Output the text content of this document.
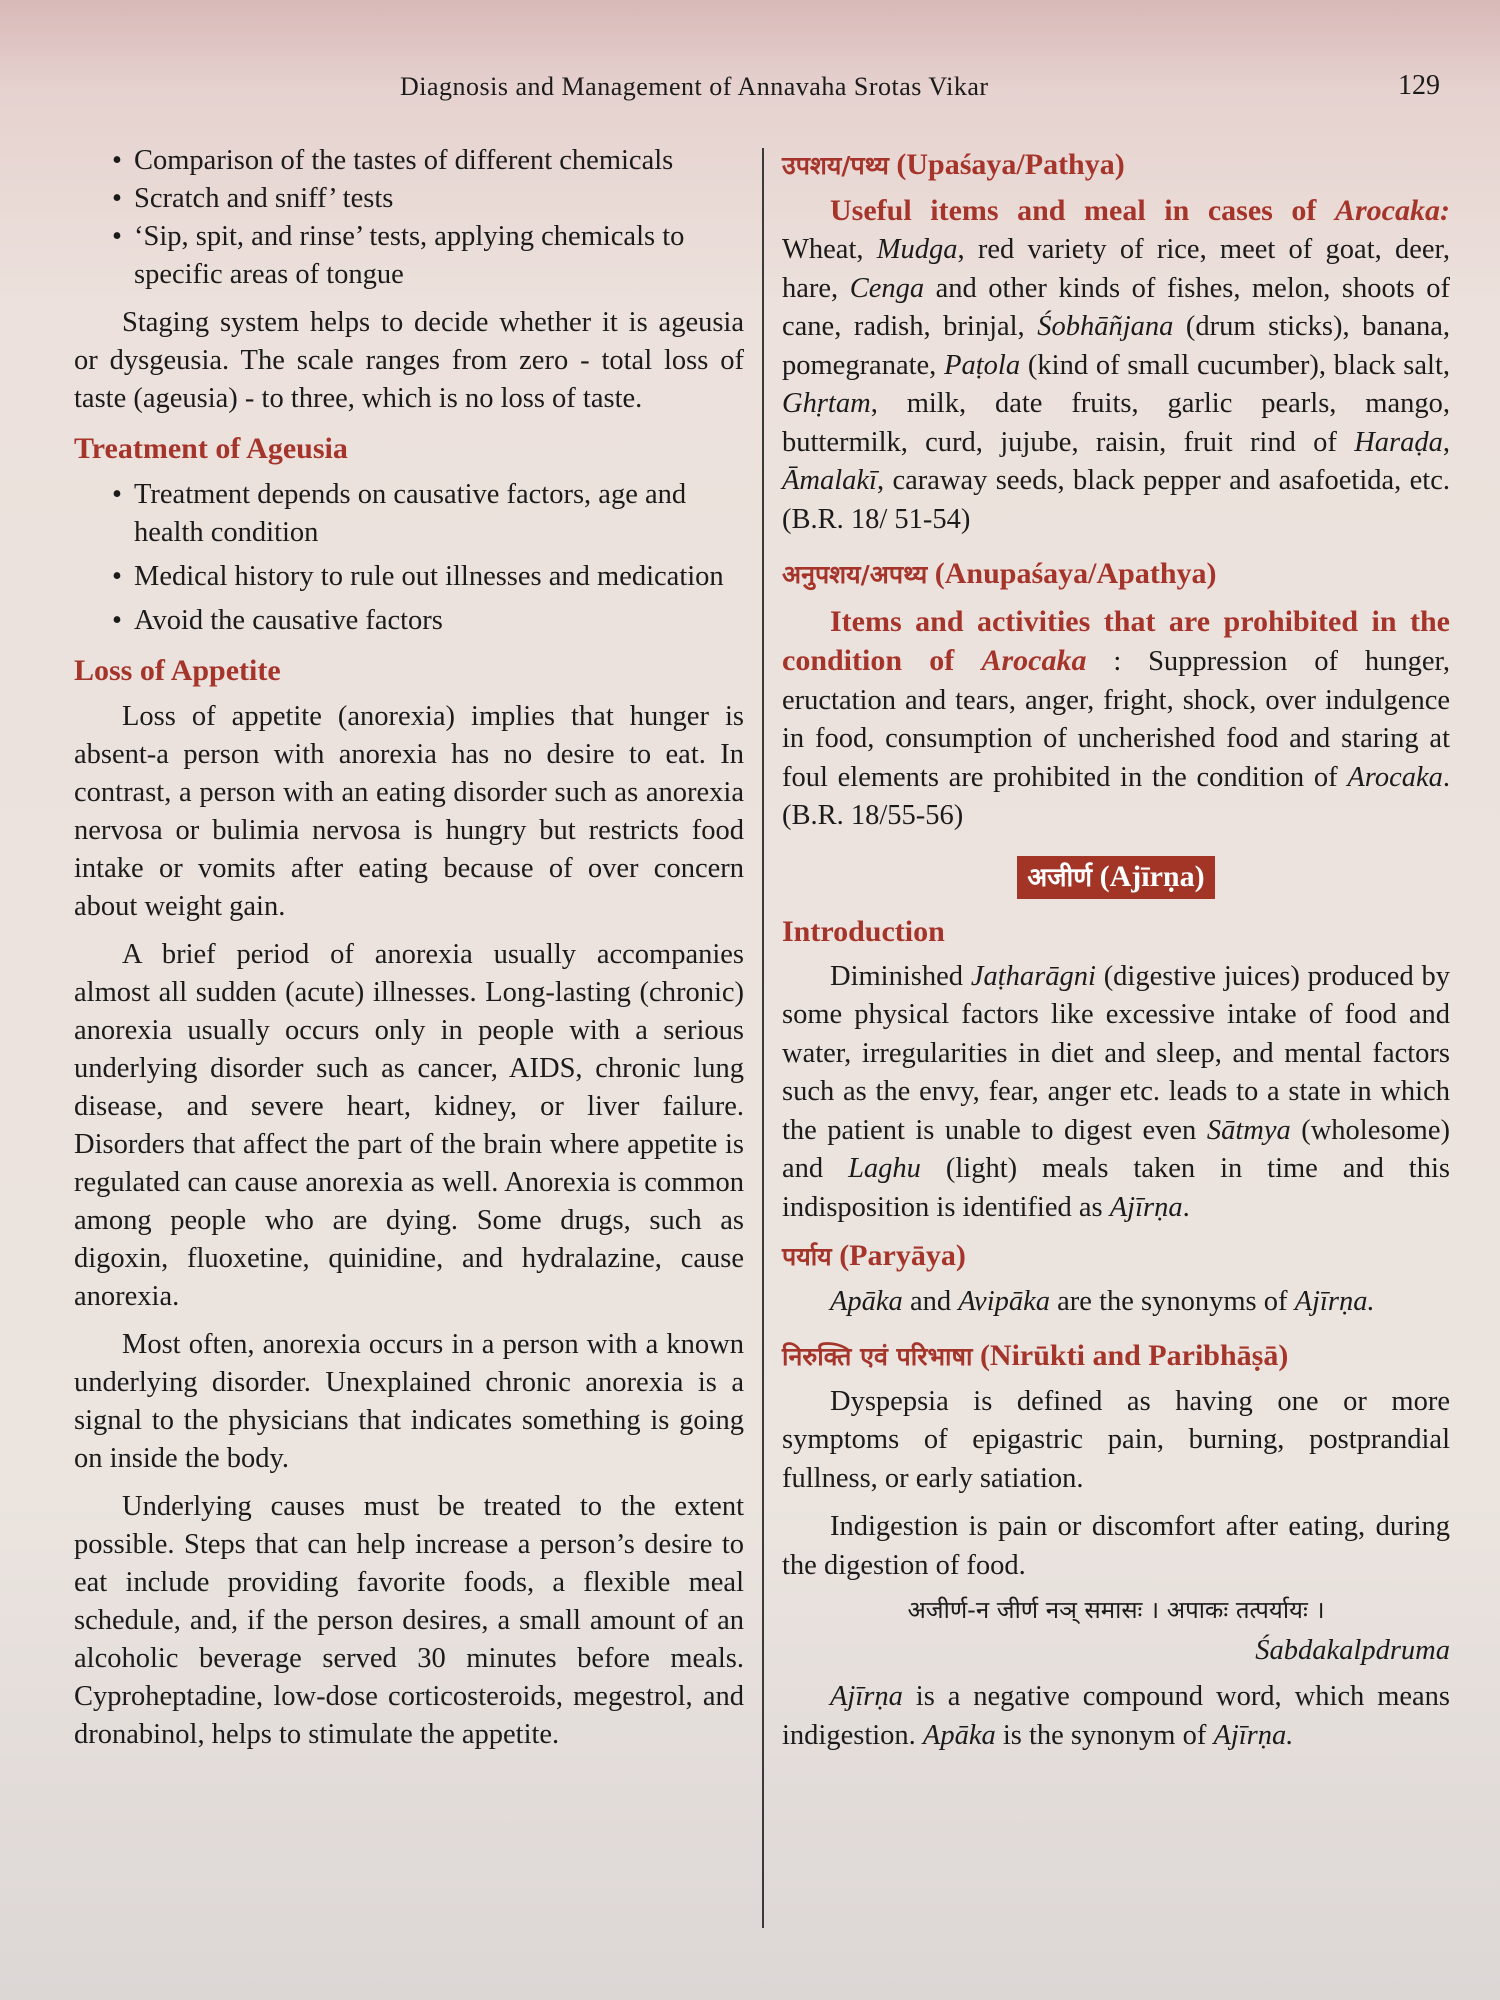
Diagnosis and Management of Annavaha Srotas Vikar	129
• Comparison of the tastes of different chemicals
• Scratch and sniff’ tests
• ‘Sip, spit, and rinse’ tests, applying chemicals to specific areas of tongue

Staging system helps to decide whether it is ageusia or dysgeusia. The scale ranges from zero - total loss of taste (ageusia) - to three, which is no loss of taste.

Treatment of Ageusia
• Treatment depends on causative factors, age and health condition
• Medical history to rule out illnesses and medication
• Avoid the causative factors
Loss of Appetite

Loss of appetite (anorexia) implies that hunger is absent-a person with anorexia has no desire to eat. In contrast, a person with an eating disorder such as anorexia nervosa or bulimia nervosa is hungry but restricts food intake or vomits after eating because of over concern about weight gain.

A brief period of anorexia usually accompanies almost all sudden (acute) illnesses. Long-lasting (chronic) anorexia usually occurs only in people with a serious underlying disorder such as cancer, AIDS, chronic lung disease, and severe heart, kidney, or liver failure. Disorders that affect the part of the brain where appetite is regulated can cause anorexia as well. Anorexia is common among people who are dying. Some drugs, such as digoxin, fluoxetine, quinidine, and hydralazine, cause anorexia.

Most often, anorexia occurs in a person with a known underlying disorder. Unexplained chronic anorexia is a signal to the physicians that indicates something is going on inside the body.

Underlying causes must be treated to the extent possible. Steps that can help increase a person’s desire to eat include providing favorite foods, a flexible meal schedule, and, if the person desires, a small amount of an alcoholic beverage served 30 minutes before meals. Cyproheptadine, low-dose corticosteroids, megestrol, and dronabinol, helps to stimulate the appetite.

उपशय/पथ्य (Upaśaya/Pathya)

Useful items and meal in cases of Arocaka: Wheat, Mudga, red variety of rice, meet of goat, deer, hare, Cenga and other kinds of fishes, melon, shoots of cane, radish, brinjal, Śobhāñjana (drum sticks), banana, pomegranate, Paṭola (kind of small cucumber), black salt, Ghṛtam, milk, date fruits, garlic pearls, mango, buttermilk, curd, jujube, raisin, fruit rind of Haraḍa, Āmalakī, caraway seeds, black pepper and asafoetida, etc. (B.R. 18/ 51-54)

अनुपशय/अपथ्य (Anupaśaya/Apathya)

Items and activities that are prohibited in the condition of Arocaka : Suppression of hunger, eructation and tears, anger, fright, shock, over indulgence in food, consumption of uncherished food and staring at foul elements are prohibited in the condition of Arocaka. (B.R. 18/55-56)

अजीर्ण (Ajīrṇa)
Introduction

Diminished Jaṭharāgni (digestive juices) produced by some physical factors like excessive intake of food and water, irregularities in diet and sleep, and mental factors such as the envy, fear, anger etc. leads to a state in which the patient is unable to digest even Sātmya (wholesome) and Laghu (light) meals taken in time and this indisposition is identified as Ajīrṇa.

पर्याय (Paryāya)

Apāka and Avipāka are the synonyms of Ajīrṇa.

निरुक्ति एवं परिभाषा (Nirūkti and Paribhāṣā)

Dyspepsia is defined as having one or more symptoms of epigastric pain, burning, postprandial fullness, or early satiation.

Indigestion is pain or discomfort after eating, during the digestion of food.

अजीर्ण-न जीर्ण नञ् समासः । अपाकः तत्पर्यायः ।
Śabdakalpdruma

Ajīrṇa is a negative compound word, which means indigestion. Apāka is the synonym of Ajīrṇa.
